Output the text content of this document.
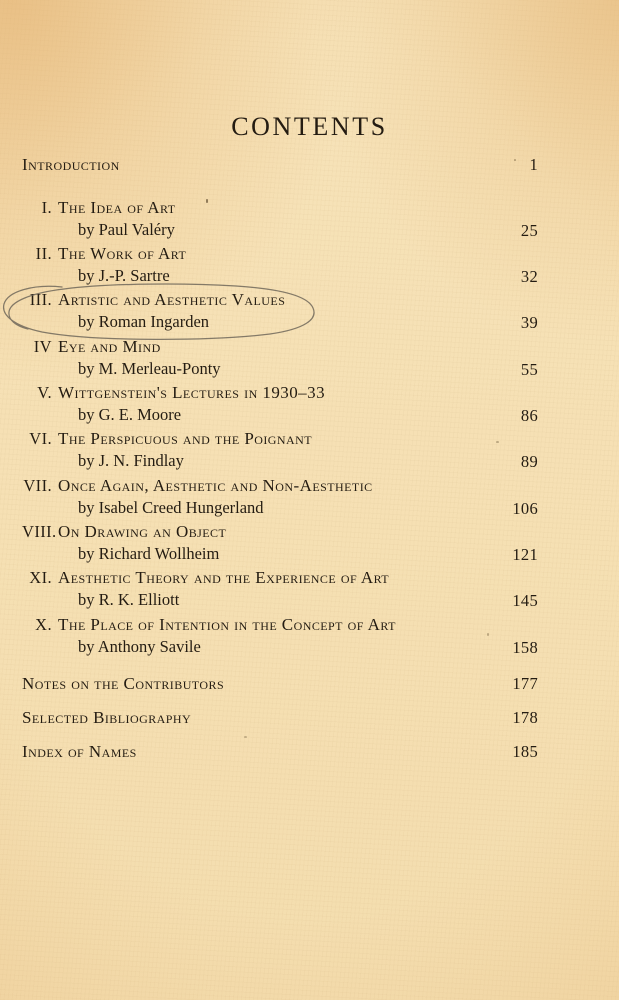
CONTENTS
Introduction	1
I. The Idea of Art
by Paul Valéry	25
II. The Work of Art
by J.-P. Sartre	32
III. Artistic and Aesthetic Values
by Roman Ingarden	39
IV Eye and Mind
by M. Merleau-Ponty	55
V. Wittgenstein's Lectures in 1930–33
by G. E. Moore	86
VI. The Perspicuous and the Poignant
by J. N. Findlay	89
VII. Once Again, Aesthetic and Non-Aesthetic
by Isabel Creed Hungerland	106
VIII. On Drawing an Object
by Richard Wollheim	121
XI. Aesthetic Theory and the Experience of Art
by R. K. Elliott	145
X. The Place of Intention in the Concept of Art
by Anthony Savile	158
Notes on the Contributors	177
Selected Bibliography	178
Index of Names	185
